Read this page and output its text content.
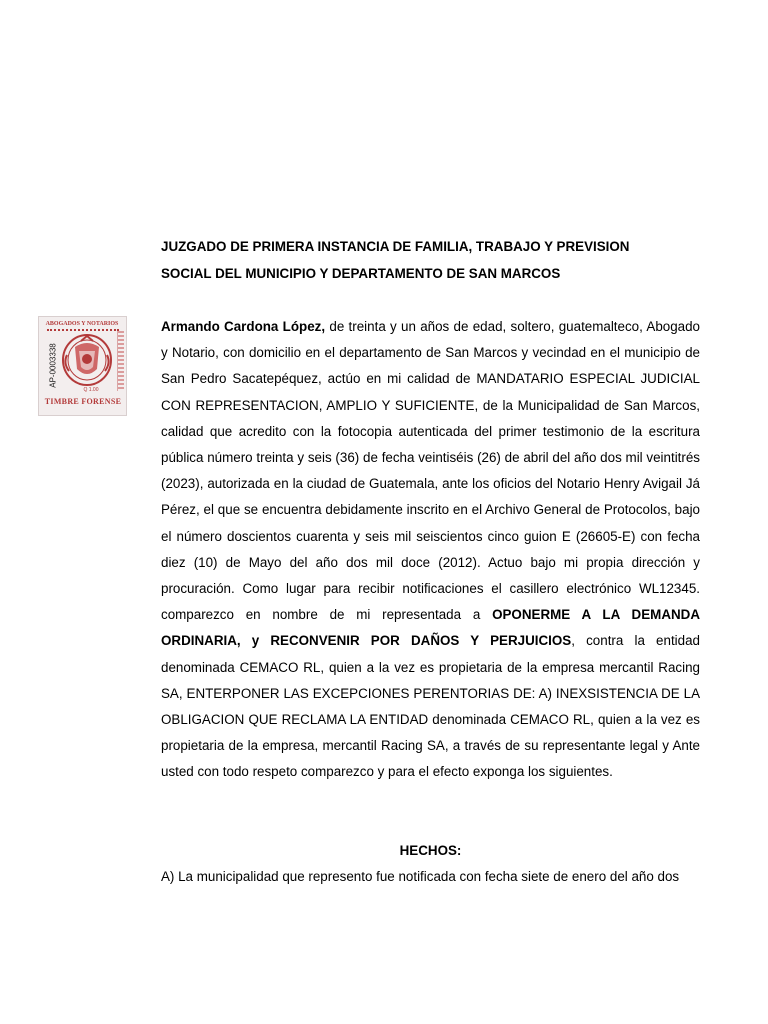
ABOGADOS Y NOTARIOS
AP-0003338
Q 1.00
TIMBRE FORENSE
JUZGADO DE PRIMERA INSTANCIA DE FAMILIA, TRABAJO Y PREVISION
SOCIAL DEL MUNICIPIO Y DEPARTAMENTO DE SAN MARCOS
Armando Cardona López, de treinta y un años de edad, soltero, guatemalteco, Abogado y Notario, con domicilio en el departamento de San Marcos y vecindad en el municipio de San Pedro Sacatepéquez, actúo en mi calidad de MANDATARIO ESPECIAL JUDICIAL CON REPRESENTACION, AMPLIO Y SUFICIENTE, de la Municipalidad de San Marcos, calidad que acredito con la fotocopia autenticada del primer testimonio de la escritura pública número treinta y seis (36) de fecha veintiséis (26) de abril del año dos mil veintitrés (2023), autorizada en la ciudad de Guatemala, ante los oficios del Notario Henry Avigail Já Pérez, el que se encuentra debidamente inscrito en el Archivo General de Protocolos, bajo el número doscientos cuarenta y seis mil seiscientos cinco guion E (26605-E) con fecha diez (10) de Mayo del año dos mil doce (2012). Actuo bajo mi propia dirección y procuración. Como lugar para recibir notificaciones el casillero electrónico WL12345. comparezco en nombre de mi representada a OPONERME A LA DEMANDA ORDINARIA, y RECONVENIR POR DAÑOS Y PERJUICIOS, contra la entidad denominada CEMACO RL, quien a la vez es propietaria de la empresa mercantil Racing SA, ENTERPONER LAS EXCEPCIONES PERENTORIAS DE: A) INEXSISTENCIA DE LA OBLIGACION QUE RECLAMA LA ENTIDAD denominada CEMACO RL, quien a la vez es propietaria de la empresa, mercantil Racing SA, a través de su representante legal y Ante usted con todo respeto comparezco y para el efecto exponga los siguientes.
HECHOS:
A) La municipalidad que represento fue notificada con fecha siete de enero del año dos
